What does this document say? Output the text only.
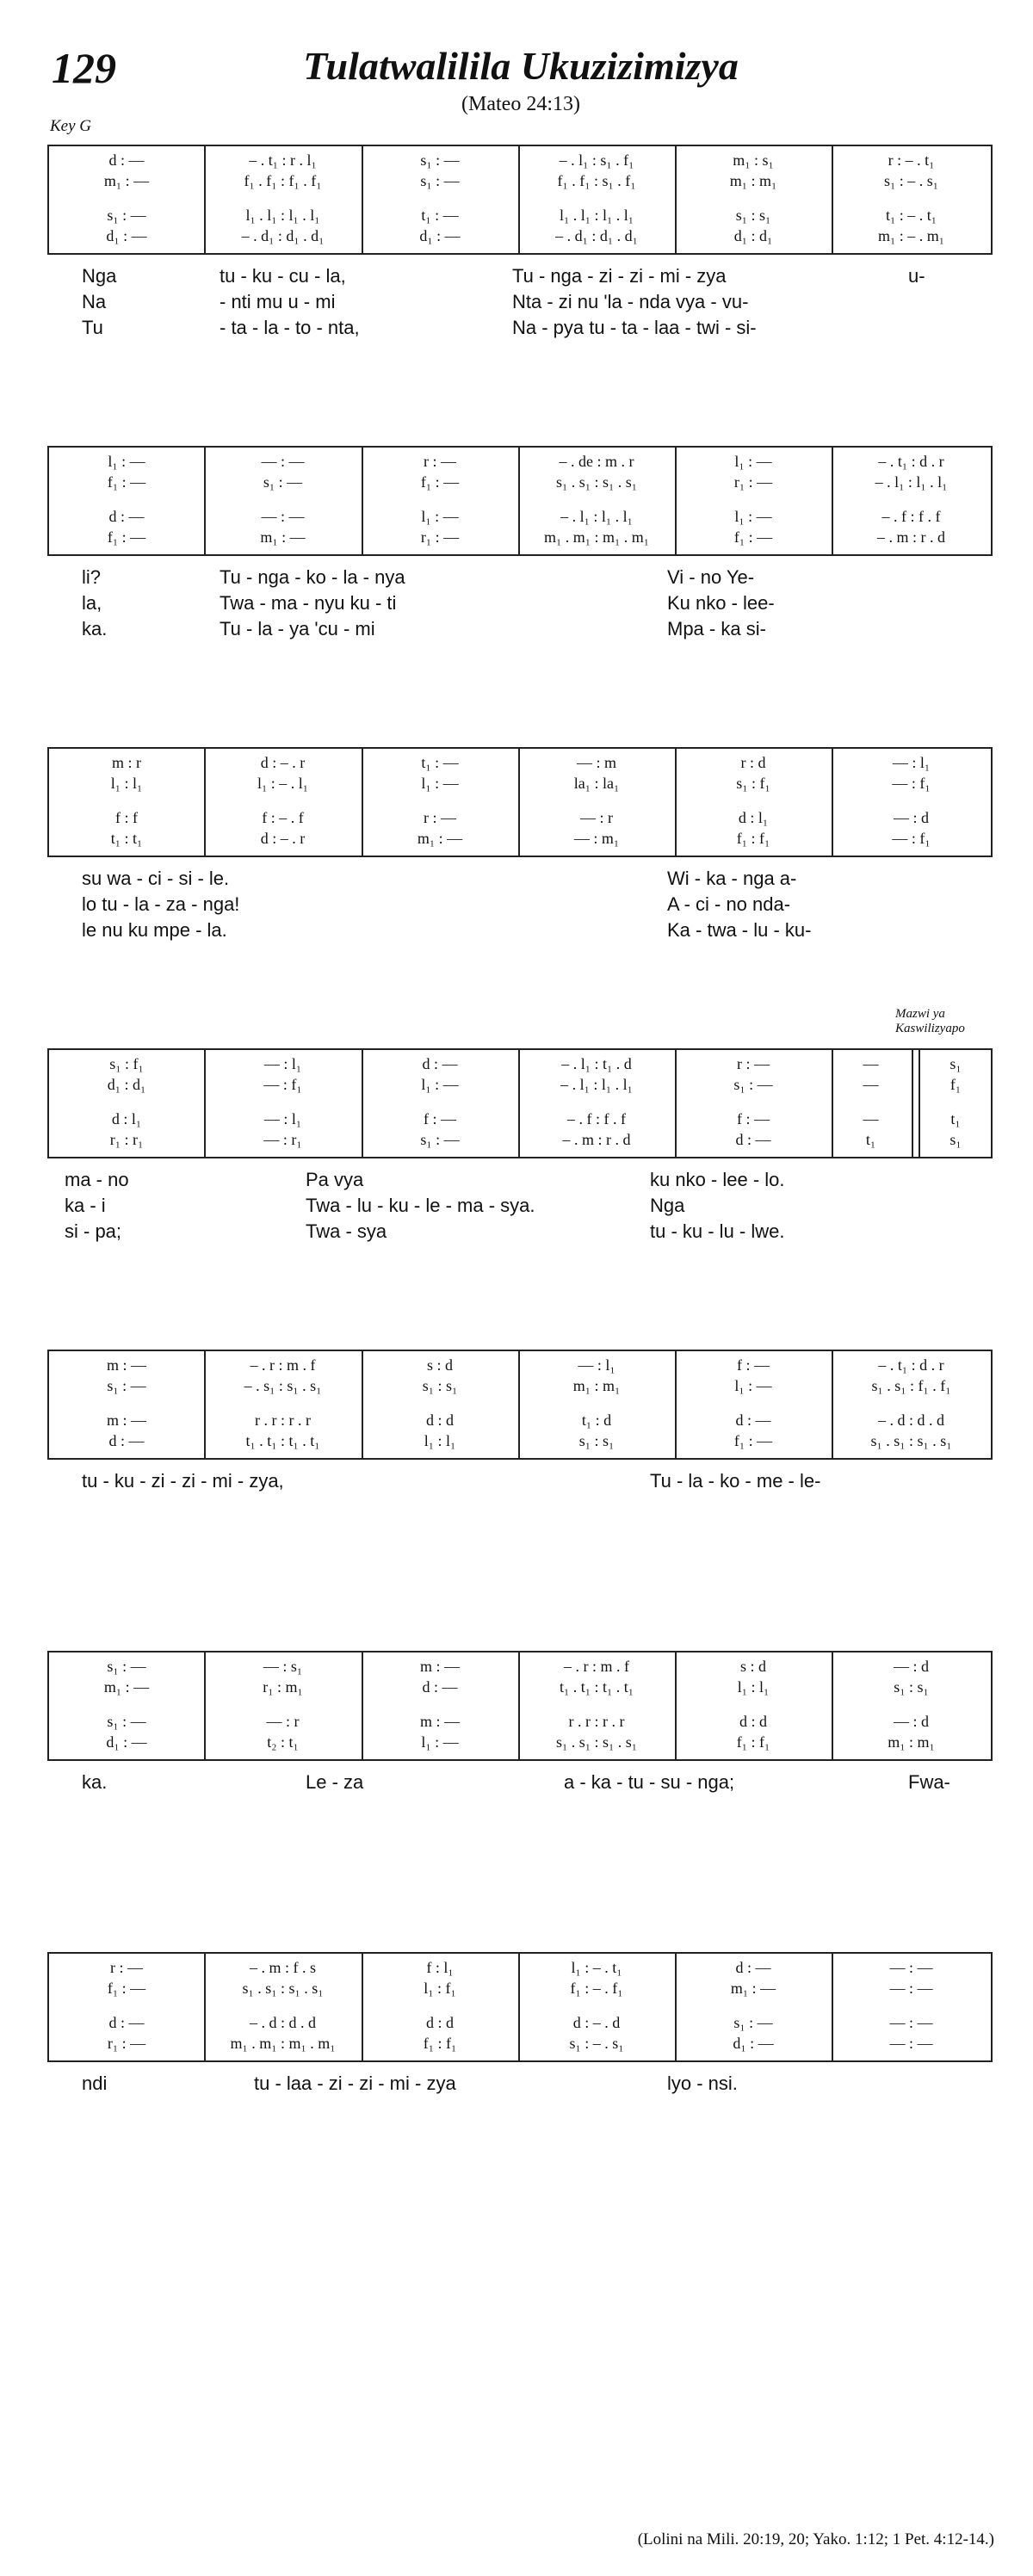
129	Tulatwalilila Ukuzizimizya
(Mateo 24:13)
Key G
Mazwi ya Kaswilizyapo
d : —	– . t₁ : r . l₁	s₁ : —	– . l₁ : s₁ . f₁	m₁ : s₁	r : – . t₁
m₁ : —	f₁ . f₁ : f₁ . f₁	s₁ : —	f₁ . f₁ : s₁ . f₁	m₁ : m₁	s₁ : – . s₁
s₁ : —	l₁ . l₁ : l₁ . l₁	t₁ : —	l₁ . l₁ : l₁ . l₁	s₁ : s₁	t₁ : – . t₁
d₁ : —	– . d₁ : d₁ . d₁	d₁ : —	– . d₁ : d₁ . d₁	d₁ : d₁	m₁ : – . m₁
Nga	tu - ku - cu - la,	Tu - nga - zi - zi - mi - zya	u-
Na	- nti mu u - mi	Nta - zi nu 'la - nda vya - vu-
Tu	- ta - la - to - nta,	Na - pya tu - ta - laa - twi - si-
l₁ : —	— : —	r : —	– . de : m . r	l₁ : —	– . t₁ : d . r
f₁ : —	s₁ : —	f₁ : —	s₁ . s₁ : s₁ . s₁	r₁ : —	– . l₁ : l₁ . l₁
d : —	— : —	l₁ : —	– . l₁ : l₁ . l₁	l₁ : —	– . f : f . f
f₁ : —	m₁ : —	r₁ : —	m₁ . m₁ : m₁ . m₁	f₁ : —	– . m : r . d
li?	Tu - nga - ko - la - nya	Vi - no Ye-
la,	Twa - ma - nyu ku - ti	Ku nko - lee-
ka.	Tu - la - ya 'cu - mi	Mpa - ka si-
m : r	d : – . r	t₁ : —	— : m	r : d	— : l₁
l₁ : l₁	l₁ : – . l₁	l₁ : —	la₁ : la₁	s₁ : f₁	— : f₁
f : f	f : – . f	r : —	— : r	d : l₁	— : d
t₁ : t₁	d : – . r	m₁ : —	— : m₁	f₁ : f₁	— : f₁
su wa - ci - si - le.	Wi - ka - nga a-
lo tu - la - za - nga!	A - ci - no nda-
le nu ku mpe - la.	Ka - twa - lu - ku-
s₁ : f₁	— : l₁	d : —	– . l₁ : t₁ . d	r : —	—	s₁
d₁ : d₁	— : f₁	l₁ : —	– . l₁ : l₁ . l₁	s₁ : —	—	f₁
d : l₁	— : l₁	f : —	– . f : f . f	f : —	—	t₁
r₁ : r₁	— : r₁	s₁ : —	– . m : r . d	d : —	t₁	s₁
ma - no	Pa vya	ku nko - lee - lo.
ka - i	Twa - lu - ku - le - ma - sya.	Nga
si - pa;	Twa - sya	tu - ku - lu - lwe.
m : —	– . r : m . f	s : d	— : l₁	f : —	– . t₁ : d . r
s₁ : —	– . s₁ : s₁ . s₁	s₁ : s₁	m₁ : m₁	l₁ : —	s₁ . s₁ : f₁ . f₁
m : —	r . r : r . r	d : d	t₁ : d	d : —	– . d : d . d
d : —	t₁ . t₁ : t₁ . t₁	l₁ : l₁	s₁ : s₁	f₁ : —	s₁ . s₁ : s₁ . s₁
tu - ku - zi - zi - mi - zya,	Tu - la - ko - me - le-
s₁ : —	— : s₁	m : —	– . r : m . f	s : d	— : d
m₁ : —	r₁ : m₁	d : —	t₁ . t₁ : t₁ . t₁	l₁ : l₁	s₁ : s₁
s₁ : —	— : r	m : —	r . r : r . r	d : d	— : d
d₁ : —	t₂ : t₁	l₁ : —	s₁ . s₁ : s₁ . s₁	f₁ : f₁	m₁ : m₁
ka.	Le - za	a - ka - tu - su - nga;	Fwa-
r : —	– . m : f . s	f : l₁	l₁ : – . t₁	d : —	— : —
f₁ : —	s₁ . s₁ : s₁ . s₁	l₁ : f₁	f₁ : – . f₁	m₁ : —	— : —
d : —	– . d : d . d	d : d	d : – . d	s₁ : —	— : —
r₁ : —	m₁ . m₁ : m₁ . m₁	f₁ : f₁	s₁ : – . s₁	d₁ : —	— : —
ndi	tu - laa - zi - zi - mi - zya	lyo - nsi.
(Lolini na Mili. 20:19, 20; Yako. 1:12; 1 Pet. 4:12-14.)
